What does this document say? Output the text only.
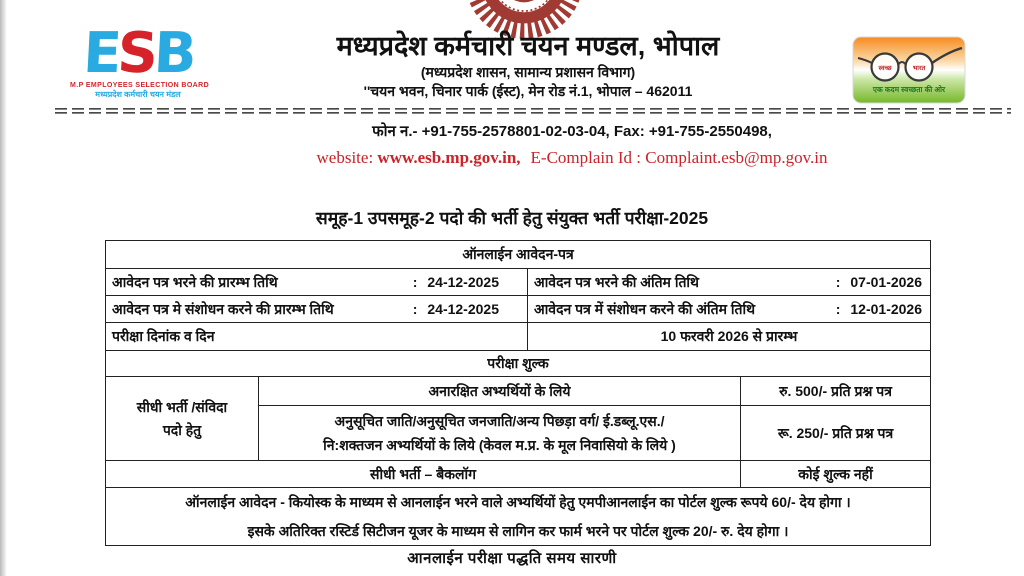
ESB
M.P EMPLOYEES SELECTION BOARD
मध्यप्रदेश कर्मचारी चयन मंडल
मध्यप्रदेश कर्मचारी चयन मण्डल, भोपाल
(मध्यप्रदेश शासन, सामान्य प्रशासन विभाग)
''चयन भवन, चिनार पार्क (ईस्ट), मेन रोड नं.1, भोपाल – 462011
स्वच्छ	भारत
एक कदम स्वच्छता की ओर
फोन न.- +91-755-2578801-02-03-04, Fax: +91-755-2550498,
website: www.esb.mp.gov.in, E-Complain Id : Complaint.esb@mp.gov.in
समूह-1 उपसमूह-2 पदो की भर्ती हेतु संयुक्त भर्ती परीक्षा-2025
ऑनलाईन आवेदन-पत्र			

आवेदन पत्र भरने की प्रारम्भ तिथि : 24-12-2025		आवेदन पत्र भरने की अंतिम तिथि : 07-01-2026	

आवेदन पत्र मे संशोधन करने की प्रारम्भ तिथि : 24-12-2025		आवेदन पत्र में संशोधन करने की अंतिम तिथि : 12-01-2026	

परीक्षा दिनांक व दिन		10 फरवरी 2026 से प्रारम्भ	
परीक्षा शुल्क			

सीधी भर्ती /संविदा
पदो हेतु	अनारक्षित अभ्यर्थियों के लिये		रु. 500/- प्रति प्रश्न पत्र

	अनुसूचित जाति/अनुसूचित जनजाति/अन्य पिछड़ा वर्ग/ ई.डब्लू.एस./
नि:शक्तजन अभ्यर्थियों के लिये (केवल म.प्र. के मूल निवासियो के लिये )		रू. 250/- प्रति प्रश्न पत्र
सीधी भर्ती – बैकलॉग			कोई शुल्क नहीं

ऑनलाईन आवेदन - कियोस्क के माध्यम से आनलाईन भरने वाले अभ्यर्थियों हेतु एमपीआनलाईन का पोर्टल शुल्क रूपये 60/- देय होगा ।
इसके अतिरिक्त रस्टिर्ड सिटीजन यूजर के माध्यम से लागिन कर फार्म भरने पर पोर्टल शुल्क 20/- रु. देय होगा ।			
आनलाईन परीक्षा पद्धति समय सारणी
